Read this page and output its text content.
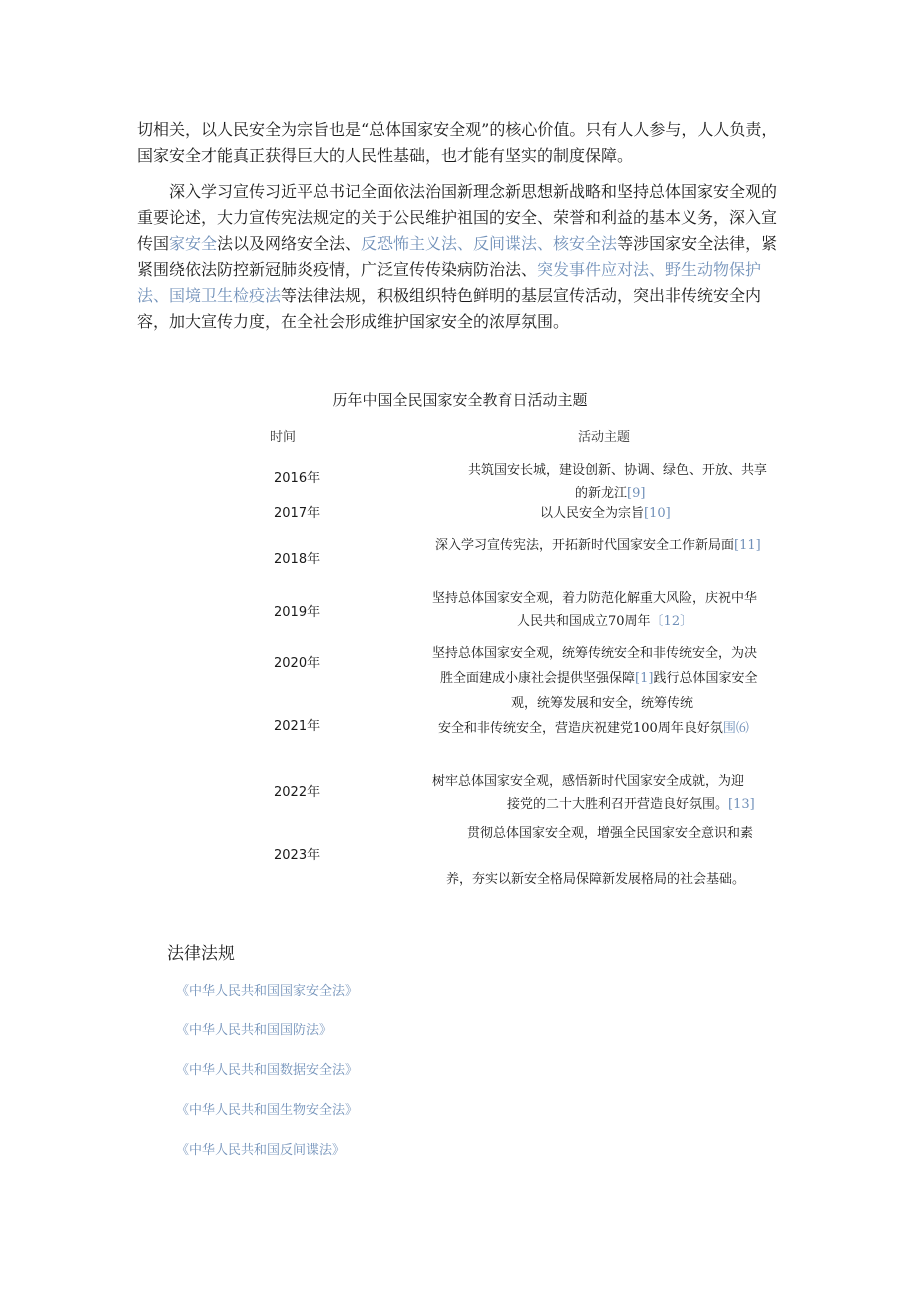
切相关，以人民安全为宗旨也是“总体国家安全观”的核心价值。只有人人参与，人人负责，国家安全才能真正获得巨大的人民性基础，也才能有坚实的制度保障。

深入学习宣传习近平总书记全面依法治国新理念新思想新战略和坚持总体国家安全观的重要论述，大力宣传宪法规定的关于公民维护祖国的安全、荣誉和利益的基本义务，深入宣传国家安全法以及网络安全法、反恐怖主义法、反间谍法、核安全法等涉国家安全法律，紧紧围绕依法防控新冠肺炎疫情，广泛宣传传染病防治法、突发事件应对法、野生动物保护法、国境卫生检疫法等法律法规，积极组织特色鲜明的基层宣传活动，突出非传统安全内容，加大宣传力度，在全社会形成维护国家安全的浓厚氛围。

历年中国全民国家安全教育日活动主题
时间	活动主题
2016年
2017年
2018年
2019年
2020年
2021年
2022年
2023年
共筑国安长城，建设创新、协调、绿色、开放、共享
的新龙江[9]
以人民安全为宗旨[10]
深入学习宣传宪法，开拓新时代国家安全工作新局面[11]
坚持总体国家安全观，着力防范化解重大风险，庆祝中华
人民共和国成立70周年〔12〕
坚持总体国家安全观，统筹传统安全和非传统安全，为决
胜全面建成小康社会提供坚强保障[1]践行总体国家安全
观，统筹发展和安全，统筹传统
安全和非传统安全，营造庆祝建党100周年良好氛围⑹
树牢总体国家安全观，感悟新时代国家安全成就，为迎
接党的二十大胜利召开营造良好氛围。[13]
贯彻总体国家安全观，增强全民国家安全意识和素
养，夯实以新安全格局保障新发展格局的社会基础。
法律法规
《中华人民共和国国家安全法》
《中华人民共和国国防法》
《中华人民共和国数据安全法》
《中华人民共和国生物安全法》
《中华人民共和国反间谍法》
